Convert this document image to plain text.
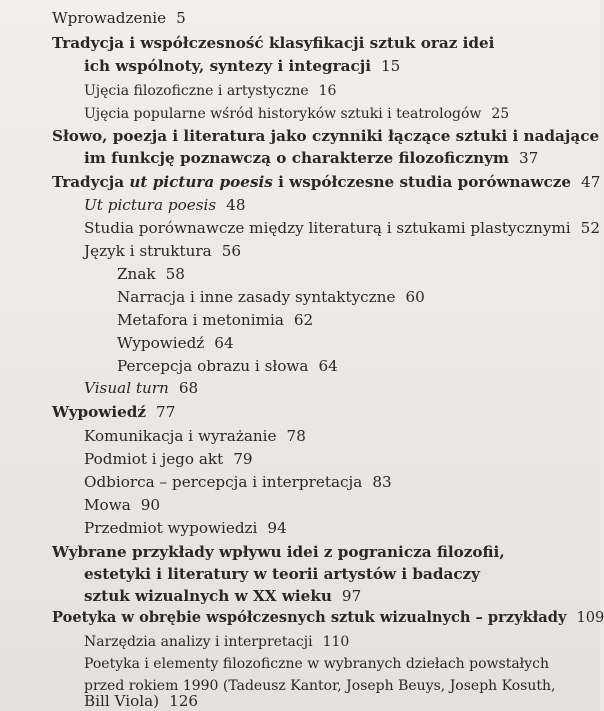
Wprowadzenie 5
Tradycja i współczesność klasyfikacji sztuk oraz idei
ich wspólnoty, syntezy i integracji 15
Ujęcia filozoficzne i artystyczne 16
Ujęcia popularne wśród historyków sztuki i teatrologów 25
Słowo, poezja i literatura jako czynniki łączące sztuki i nadające
im funkcję poznawczą o charakterze filozoficznym 37
Tradycja ut pictura poesis i współczesne studia porównawcze 47
Ut pictura poesis 48
Studia porównawcze między literaturą i sztukami plastycznymi 52
Język i struktura 56
Znak 58
Narracja i inne zasady syntaktyczne 60
Metafora i metonimia 62
Wypowiedź 64
Percepcja obrazu i słowa 64
Visual turn 68
Wypowiedź 77
Komunikacja i wyrażanie 78
Podmiot i jego akt 79
Odbiorca – percepcja i interpretacja 83
Mowa 90
Przedmiot wypowiedzi 94
Wybrane przykłady wpływu idei z pogranicza filozofii,
estetyki i literatury w teorii artystów i badaczy
sztuk wizualnych w XX wieku 97
Poetyka w obrębie współczesnych sztuk wizualnych – przykłady 109
Narzędzia analizy i interpretacji 110
Poetyka i elementy filozoficzne w wybranych dziełach powstałych
przed rokiem 1990 (Tadeusz Kantor, Joseph Beuys, Joseph Kosuth,
Bill Viola) 126
